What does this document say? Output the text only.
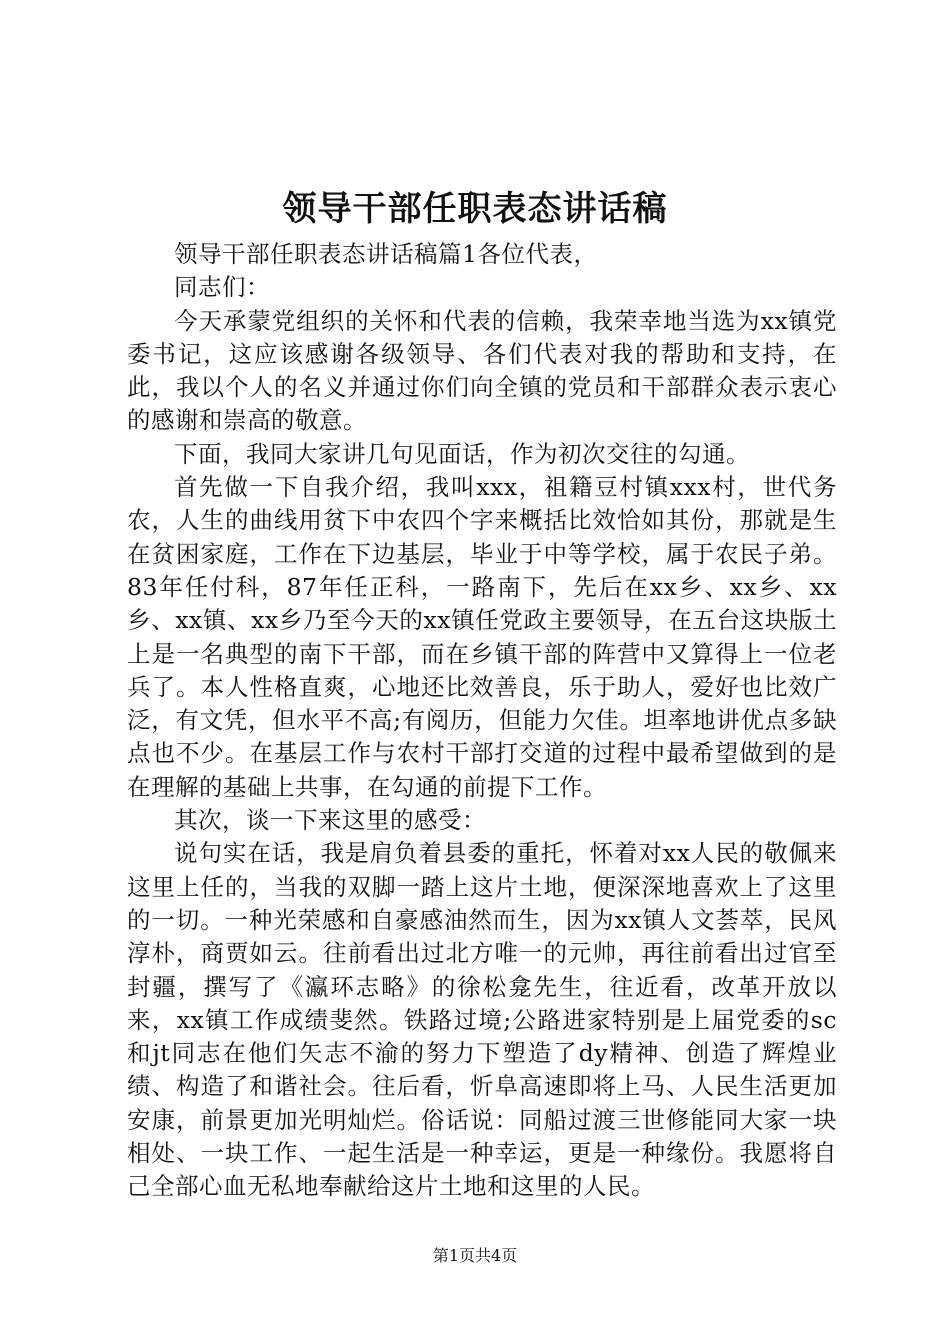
领导干部任职表态讲话稿

领导干部任职表态讲话稿篇1各位代表，

同志们：

今天承蒙党组织的关怀和代表的信赖，我荣幸地当选为xx镇党委书记，这应该感谢各级领导、各们代表对我的帮助和支持，在此，我以个人的名义并通过你们向全镇的党员和干部群众表示衷心的感谢和崇高的敬意。

下面，我同大家讲几句见面话，作为初次交往的勾通。

首先做一下自我介绍，我叫xxx，祖籍豆村镇xxx村，世代务农，人生的曲线用贫下中农四个字来概括比效恰如其份，那就是生在贫困家庭，工作在下边基层，毕业于中等学校，属于农民子弟。83年任付科，87年任正科，一路南下，先后在xx乡、xx乡、xx乡、xx镇、xx乡乃至今天的xx镇任党政主要领导，在五台这块版土上是一名典型的南下干部，而在乡镇干部的阵营中又算得上一位老兵了。本人性格直爽，心地还比效善良，乐于助人，爱好也比效广泛，有文凭，但水平不高;有阅历，但能力欠佳。坦率地讲优点多缺点也不少。在基层工作与农村干部打交道的过程中最希望做到的是在理解的基础上共事，在勾通的前提下工作。

其次，谈一下来这里的感受：

说句实在话，我是肩负着县委的重托，怀着对xx人民的敬佩来这里上任的，当我的双脚一踏上这片土地，便深深地喜欢上了这里的一切。一种光荣感和自豪感油然而生，因为xx镇人文荟萃，民风淳朴，商贾如云。往前看出过北方唯一的元帅，再往前看出过官至封疆，撰写了《瀛环志略》的徐松龛先生，往近看，改革开放以来，xx镇工作成绩斐然。铁路过境;公路进家特别是上届党委的sc和jt同志在他们矢志不渝的努力下塑造了dy精神、创造了辉煌业绩、构造了和谐社会。往后看，忻阜高速即将上马、人民生活更加安康，前景更加光明灿烂。俗话说：同船过渡三世修能同大家一块相处、一块工作、一起生活是一种幸运，更是一种缘份。我愿将自己全部心血无私地奉献给这片土地和这里的人民。

第1页共4页
